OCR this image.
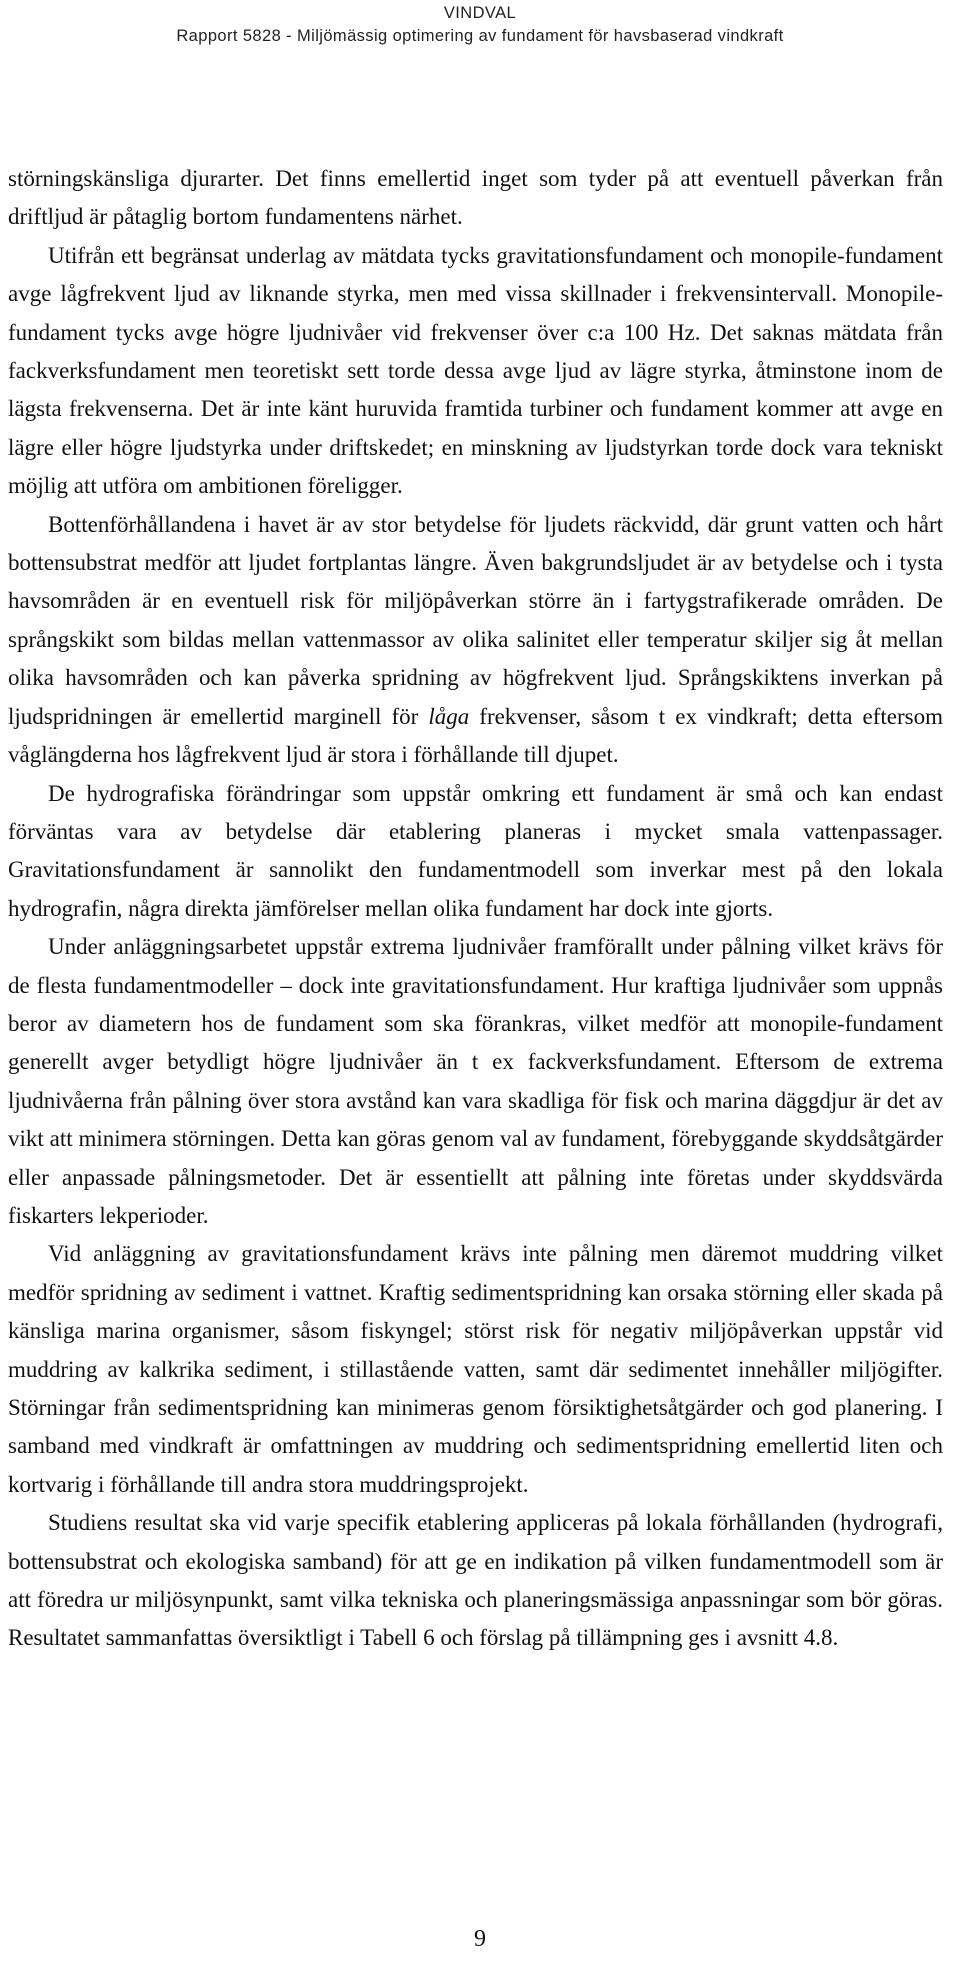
VINDVAL
Rapport 5828 - Miljömässig optimering av fundament för havsbaserad vindkraft

störningskänsliga djurarter. Det finns emellertid inget som tyder på att eventuell påverkan från driftljud är påtaglig bortom fundamentens närhet.

Utifrån ett begränsat underlag av mätdata tycks gravitationsfundament och monopile-fundament avge lågfrekvent ljud av liknande styrka, men med vissa skillnader i frekvensintervall. Monopile-fundament tycks avge högre ljudnivåer vid frekvenser över c:a 100 Hz. Det saknas mätdata från fackverksfundament men teoretiskt sett torde dessa avge ljud av lägre styrka, åtminstone inom de lägsta frekvenserna. Det är inte känt huruvida framtida turbiner och fundament kommer att avge en lägre eller högre ljudstyrka under driftskedet; en minskning av ljudstyrkan torde dock vara tekniskt möjlig att utföra om ambitionen föreligger.

Bottenförhållandena i havet är av stor betydelse för ljudets räckvidd, där grunt vatten och hårt bottensubstrat medför att ljudet fortplantas längre. Även bakgrundsljudet är av betydelse och i tysta havsområden är en eventuell risk för miljöpåverkan större än i fartygstrafikerade områden. De språngskikt som bildas mellan vattenmassor av olika salinitet eller temperatur skiljer sig åt mellan olika havsområden och kan påverka spridning av högfrekvent ljud. Språngskiktens inverkan på ljudspridningen är emellertid marginell för låga frekvenser, såsom t ex vindkraft; detta eftersom våglängderna hos lågfrekvent ljud är stora i förhållande till djupet.

De hydrografiska förändringar som uppstår omkring ett fundament är små och kan endast förväntas vara av betydelse där etablering planeras i mycket smala vattenpassager. Gravitationsfundament är sannolikt den fundamentmodell som inverkar mest på den lokala hydrografin, några direkta jämförelser mellan olika fundament har dock inte gjorts.

Under anläggningsarbetet uppstår extrema ljudnivåer framförallt under pålning vilket krävs för de flesta fundamentmodeller – dock inte gravitationsfundament. Hur kraftiga ljudnivåer som uppnås beror av diametern hos de fundament som ska förankras, vilket medför att monopile-fundament generellt avger betydligt högre ljudnivåer än t ex fackverksfundament. Eftersom de extrema ljudnivåerna från pålning över stora avstånd kan vara skadliga för fisk och marina däggdjur är det av vikt att minimera störningen. Detta kan göras genom val av fundament, förebyggande skyddsåtgärder eller anpassade pålningsmetoder. Det är essentiellt att pålning inte företas under skyddsvärda fiskarters lekperioder.

Vid anläggning av gravitationsfundament krävs inte pålning men däremot muddring vilket medför spridning av sediment i vattnet. Kraftig sedimentspridning kan orsaka störning eller skada på känsliga marina organismer, såsom fiskyngel; störst risk för negativ miljöpåverkan uppstår vid muddring av kalkrika sediment, i stillastående vatten, samt där sedimentet innehåller miljögifter. Störningar från sedimentspridning kan minimeras genom försiktighetsåtgärder och god planering. I samband med vindkraft är omfattningen av muddring och sedimentspridning emellertid liten och kortvarig i förhållande till andra stora muddringsprojekt.

Studiens resultat ska vid varje specifik etablering appliceras på lokala förhållanden (hydrografi, bottensubstrat och ekologiska samband) för att ge en indikation på vilken fundamentmodell som är att föredra ur miljösynpunkt, samt vilka tekniska och planeringsmässiga anpassningar som bör göras. Resultatet sammanfattas översiktligt i Tabell 6 och förslag på tillämpning ges i avsnitt 4.8.

9
